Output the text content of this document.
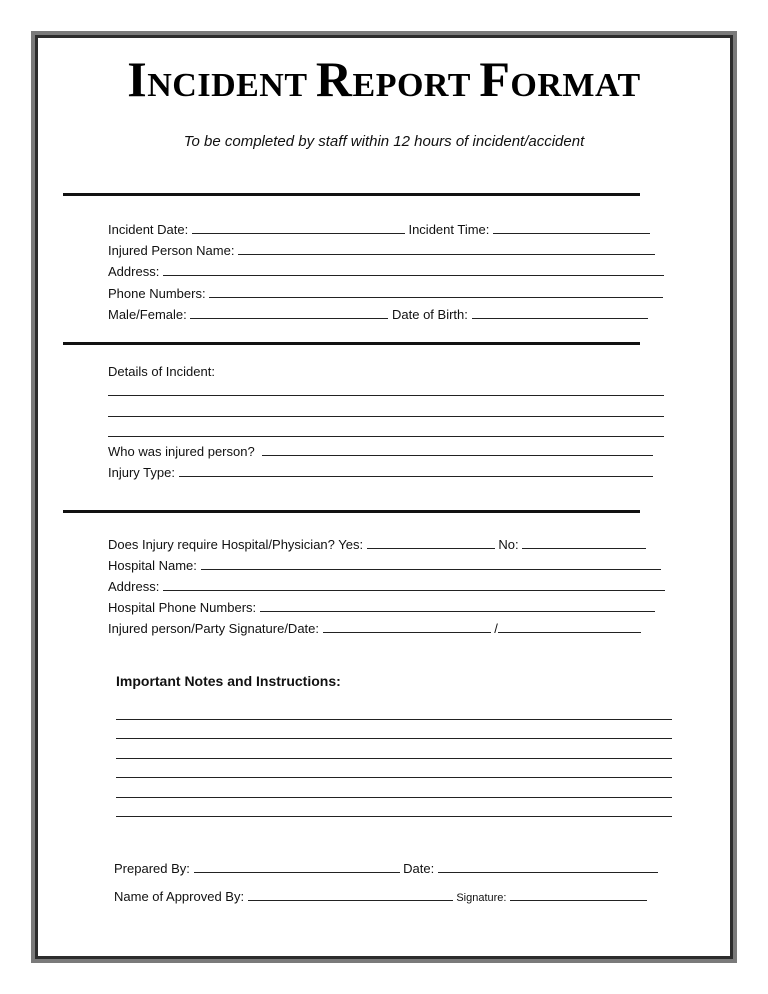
INCIDENT REPORT FORMAT
To be completed by staff within 12 hours of incident/accident
Incident Date:	Incident Time:
Injured Person Name:
Address:
Phone Numbers:
Male/Female:	Date of Birth:
Details of Incident:
Who was injured person?
Injury Type:
Does Injury require Hospital/Physician? Yes:	No:
Hospital Name:
Address:
Hospital Phone Numbers:
Injured person/Party Signature/Date:	/
Important Notes and Instructions:
Prepared By:	Date:
Name of Approved By:	Signature:
